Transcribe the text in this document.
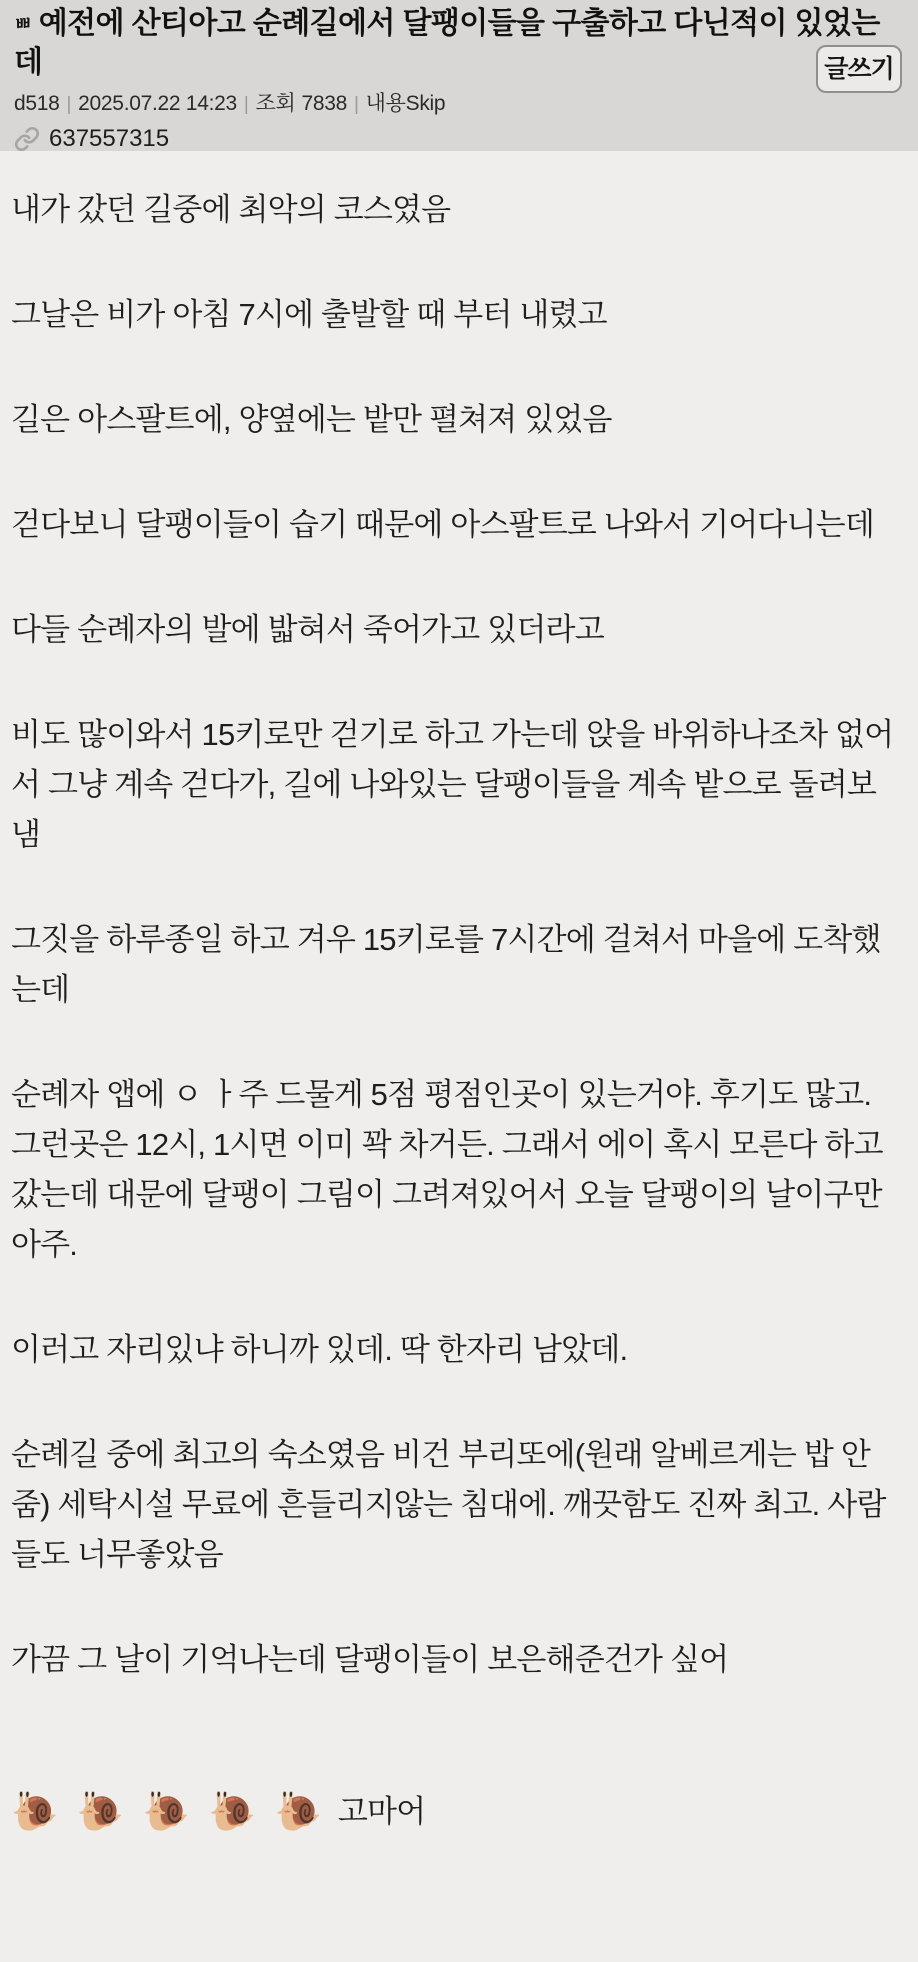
ㅃ 예전에 산티아고 순례길에서 달팽이들을 구출하고 다닌적이 있었는데	글쓰기
d518 | 2025.07.22 14:23 | 조회 7838 | 내용Skip
637557315

내가 갔던 길중에 최악의 코스였음

그날은 비가 아침 7시에 출발할 때 부터 내렸고

길은 아스팔트에, 양옆에는 밭만 펼쳐져 있었음

걷다보니 달팽이들이 습기 때문에 아스팔트로 나와서 기어다니는데

다들 순례자의 발에 밟혀서 죽어가고 있더라고

비도 많이와서 15키로만 걷기로 하고 가는데 앉을 바위하나조차 없어서 그냥 계속 걷다가, 길에 나와있는 달팽이들을 계속 밭으로 돌려보냄

그짓을 하루종일 하고 겨우 15키로를 7시간에 걸쳐서 마을에 도착했는데

순례자 앱에 ㅇ ㅏ주 드물게 5점 평점인곳이 있는거야. 후기도 많고. 그런곳은 12시, 1시면 이미 꽉 차거든. 그래서 에이 혹시 모른다 하고 갔는데 대문에 달팽이 그림이 그려져있어서 오늘 달팽이의 날이구만 아주.

이러고 자리있냐 하니까 있데. 딱 한자리 남았데.

순례길 중에 최고의 숙소였음 비건 부리또에(원래 알베르게는 밥 안줌) 세탁시설 무료에 흔들리지않는 침대에. 깨끗함도 진짜 최고. 사람들도 너무좋았음

가끔 그 날이 기억나는데 달팽이들이 보은해준건가 싶어

🐌 🐌 🐌 🐌 🐌 고마어
